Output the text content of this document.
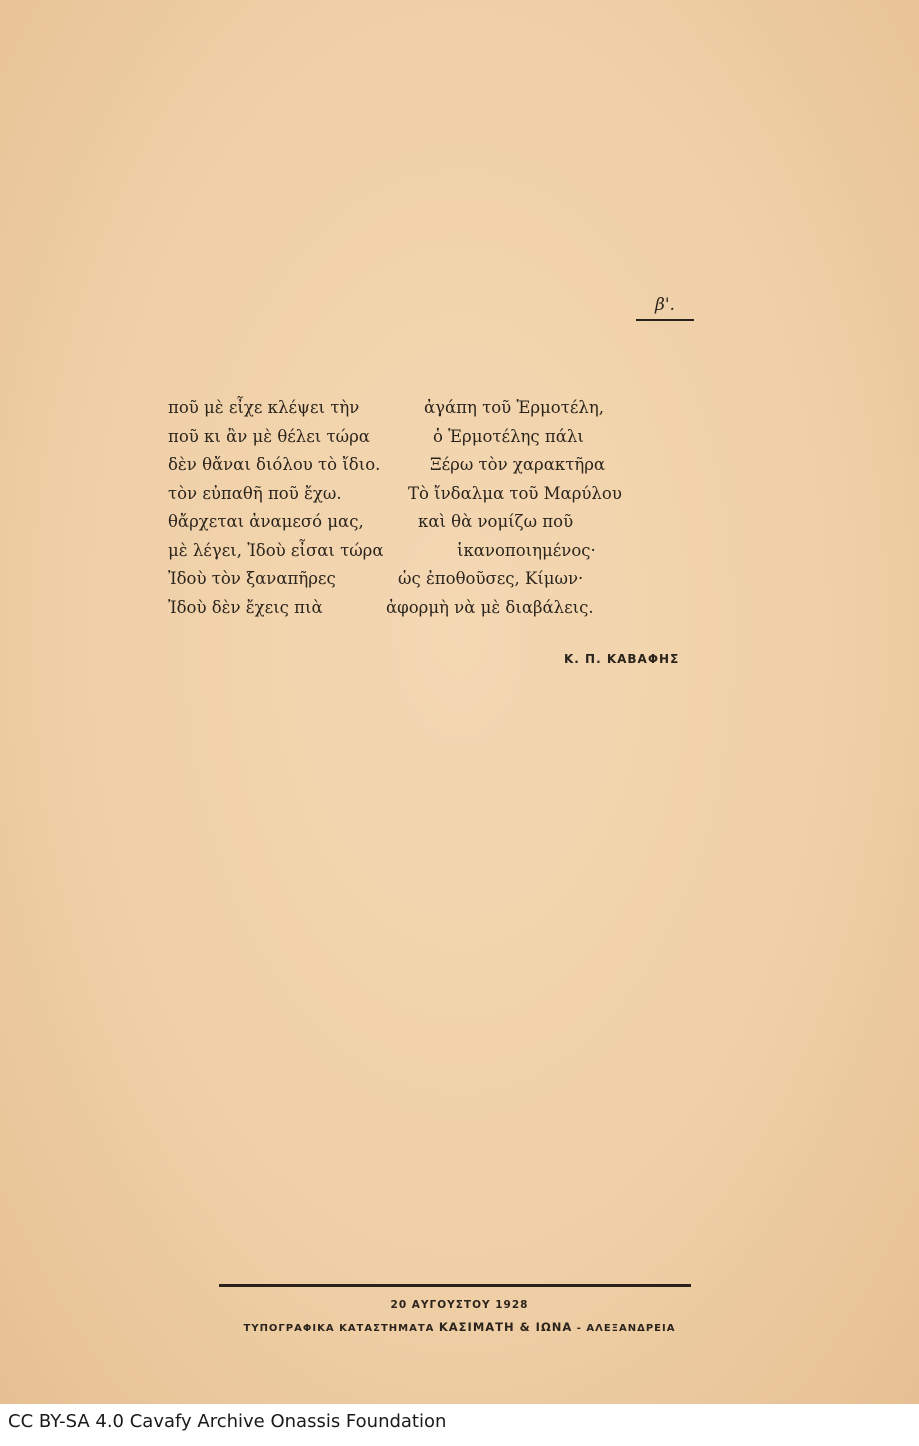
β'.
ποῦ μὲ εἶχε κλέψει τὴν	ἀγάπη τοῦ Ἑρμοτέλη,
ποῦ κι ἂν μὲ θέλει τώρα	ὁ Ἑρμοτέλης πάλι
δὲν θἄναι διόλου τὸ ἴδιο.	Ξέρω τὸν χαρακτῆρα
τὸν εὐπαθῆ ποῦ ἔχω.	Τὸ ἴνδαλμα τοῦ Μαρύλου
θἄρχεται ἀναμεσό μας,	καὶ θὰ νομίζω ποῦ
μὲ λέγει, Ἰδοὺ εἶσαι τώρα	ἱκανοποιημένος·
Ἰδοὺ τὸν ξαναπῆρες	ὡς ἐποθοῦσες, Κίμων·
Ἰδοὺ δὲν ἔχεις πιὰ	ἀφορμὴ νὰ μὲ διαβάλεις.
Κ. Π. ΚΑΒΑΦΗΣ
20 ΑΥΓΟΥΣΤΟΥ 1928
ΤΥΠΟΓΡΑΦΙΚΑ ΚΑΤΑΣΤΗΜΑΤΑ ΚΑΣΙΜΑΤΗ & ΙΩΝΑ - ΑΛΕΞΑΝΔΡΕΙΑ
CC BY-SA 4.0 Cavafy Archive Onassis Foundation
